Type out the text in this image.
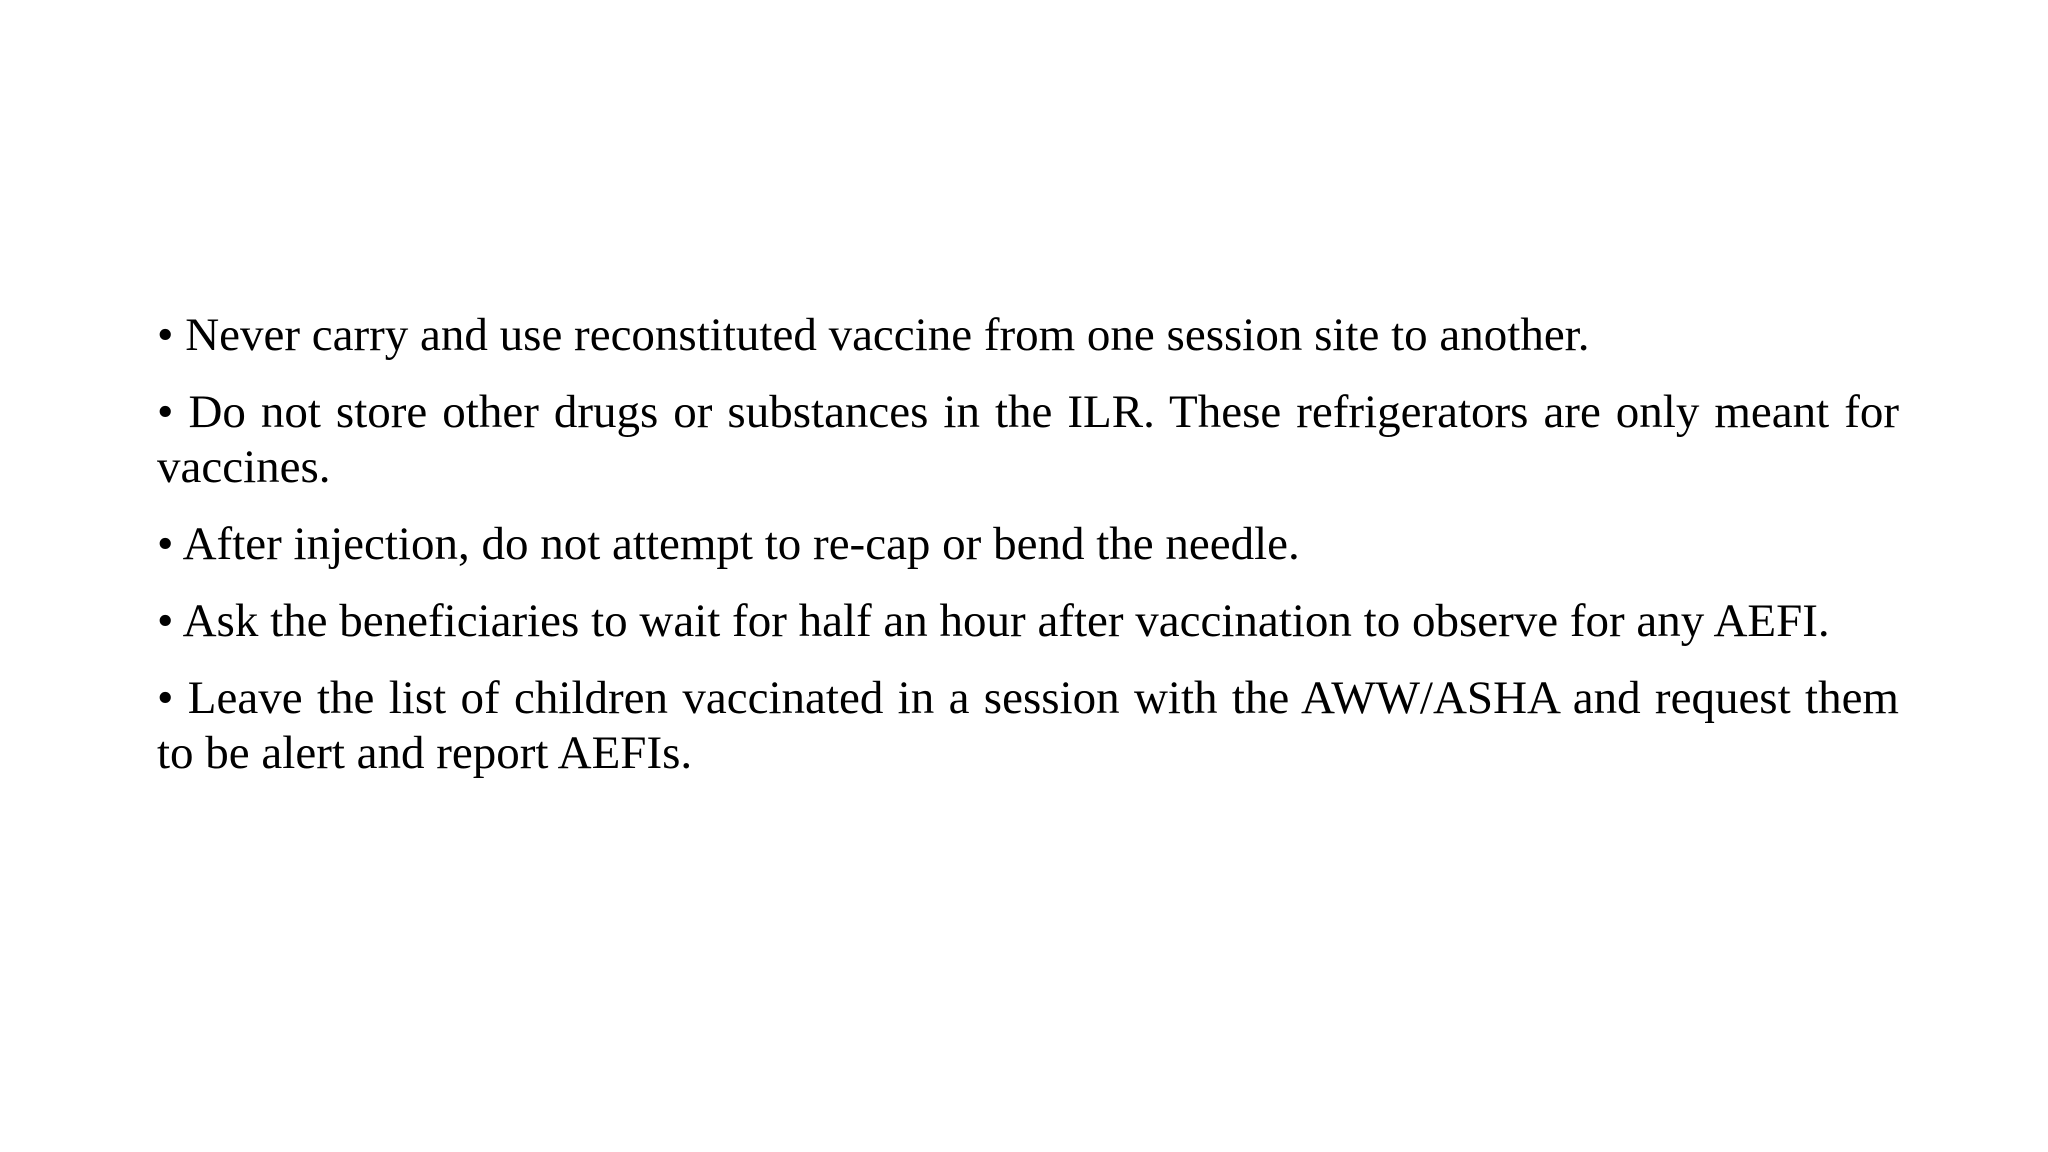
• Never carry and use reconstituted vaccine from one session site to another.

• Do not store other drugs or substances in the ILR. These refrigerators are only meant for vaccines.

• After injection, do not attempt to re-cap or bend the needle.

• Ask the beneficiaries to wait for half an hour after vaccination to observe for any AEFI.

• Leave the list of children vaccinated in a session with the AWW/ASHA and request them to be alert and report AEFIs.
